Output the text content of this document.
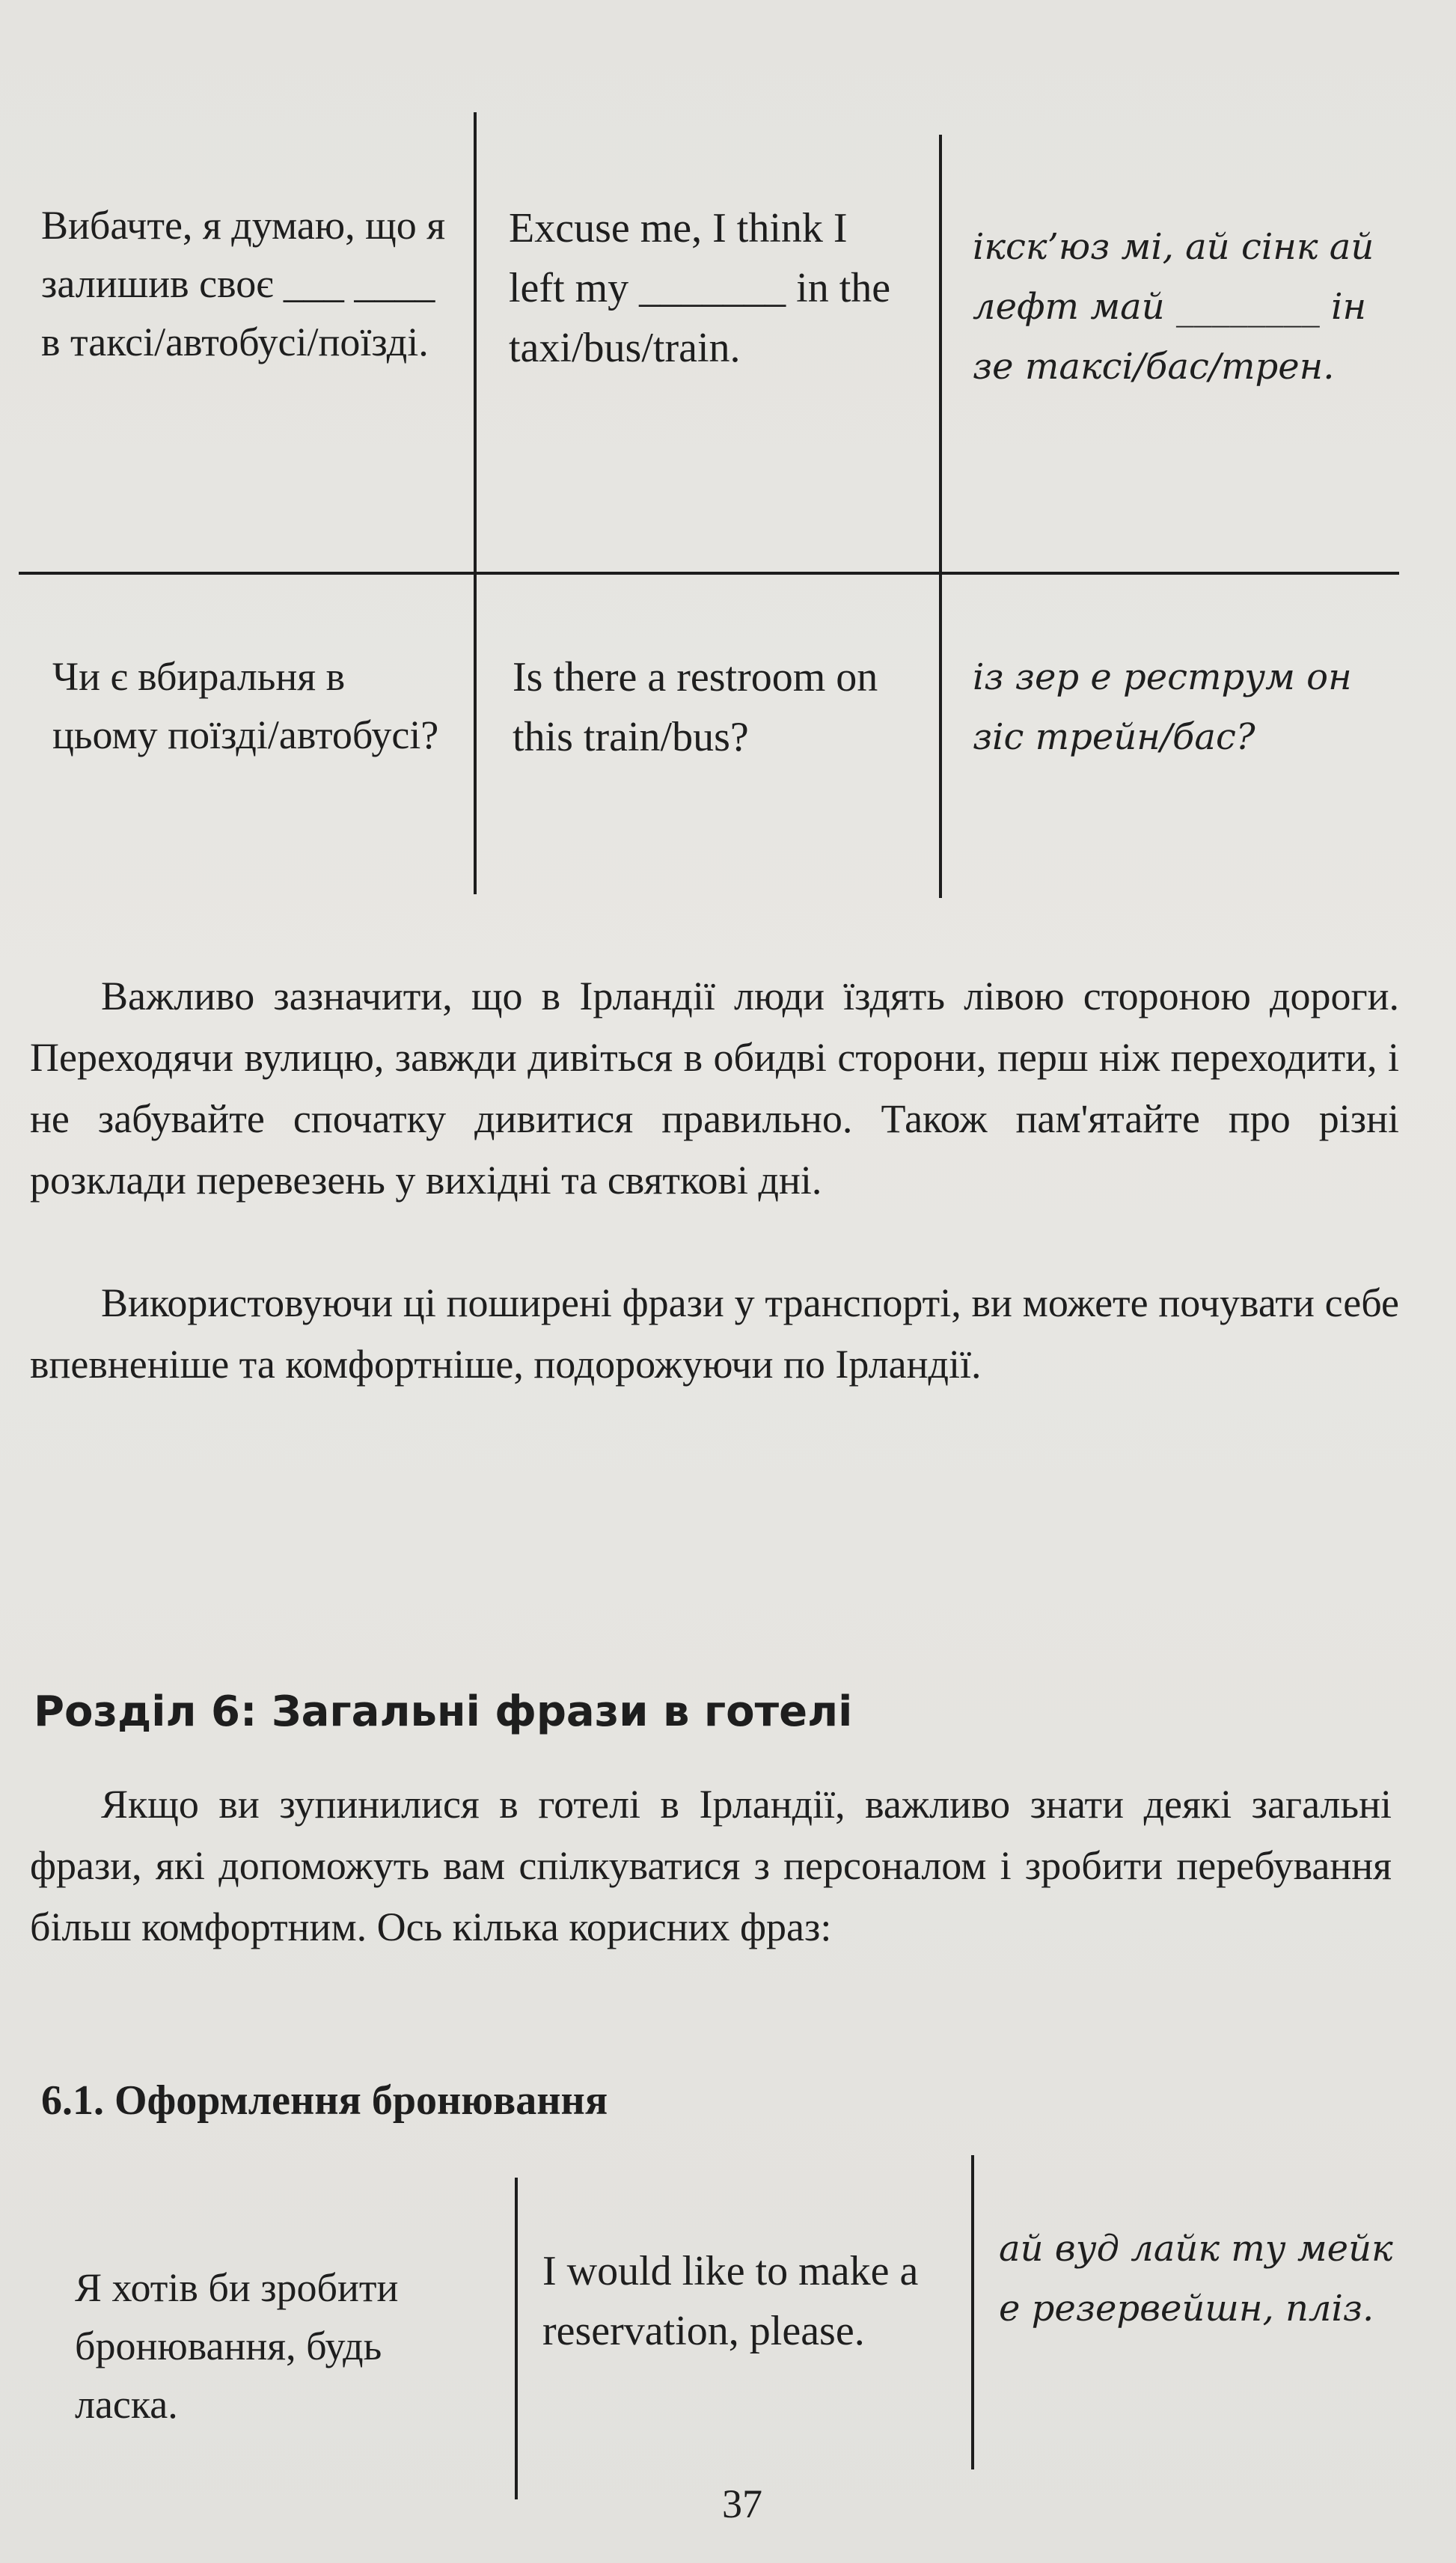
Вибачте, я думаю, що я залишив своє ___ ____ в таксі/автобусі/поїзді.
Excuse me, I think I left my _______ in the taxi/bus/train.
ікск’юз мі, ай сінк ай лефт май ________ ін зе таксі/бас/трен.
Чи є вбиральня в цьому поїзді/автобусі?
Is there a restroom on this train/bus?
із зер е реструм он зіс трейн/бас?
Важливо зазначити, що в Ірландії люди їздять лівою стороною дороги. Переходячи вулицю, завжди дивіться в обидві сторони, перш ніж переходити, і не забувайте спочатку дивитися правильно. Також пам'ятайте про різні розклади перевезень у вихідні та святкові дні.
Використовуючи ці поширені фрази у транспорті, ви можете почувати себе впевненіше та комфортніше, подорожуючи по Ірландії.
Розділ 6: Загальні фрази в готелі
Якщо ви зупинилися в готелі в Ірландії, важливо знати деякі загальні фрази, які допоможуть вам спілкуватися з персоналом і зробити перебування більш комфортним. Ось кілька корисних фраз:
6.1. Оформлення бронювання
Я хотів би зробити бронювання, будь ласка.
I would like to make a reservation, please.
ай вуд лайк ту мейк е резервейшн, пліз.
37
